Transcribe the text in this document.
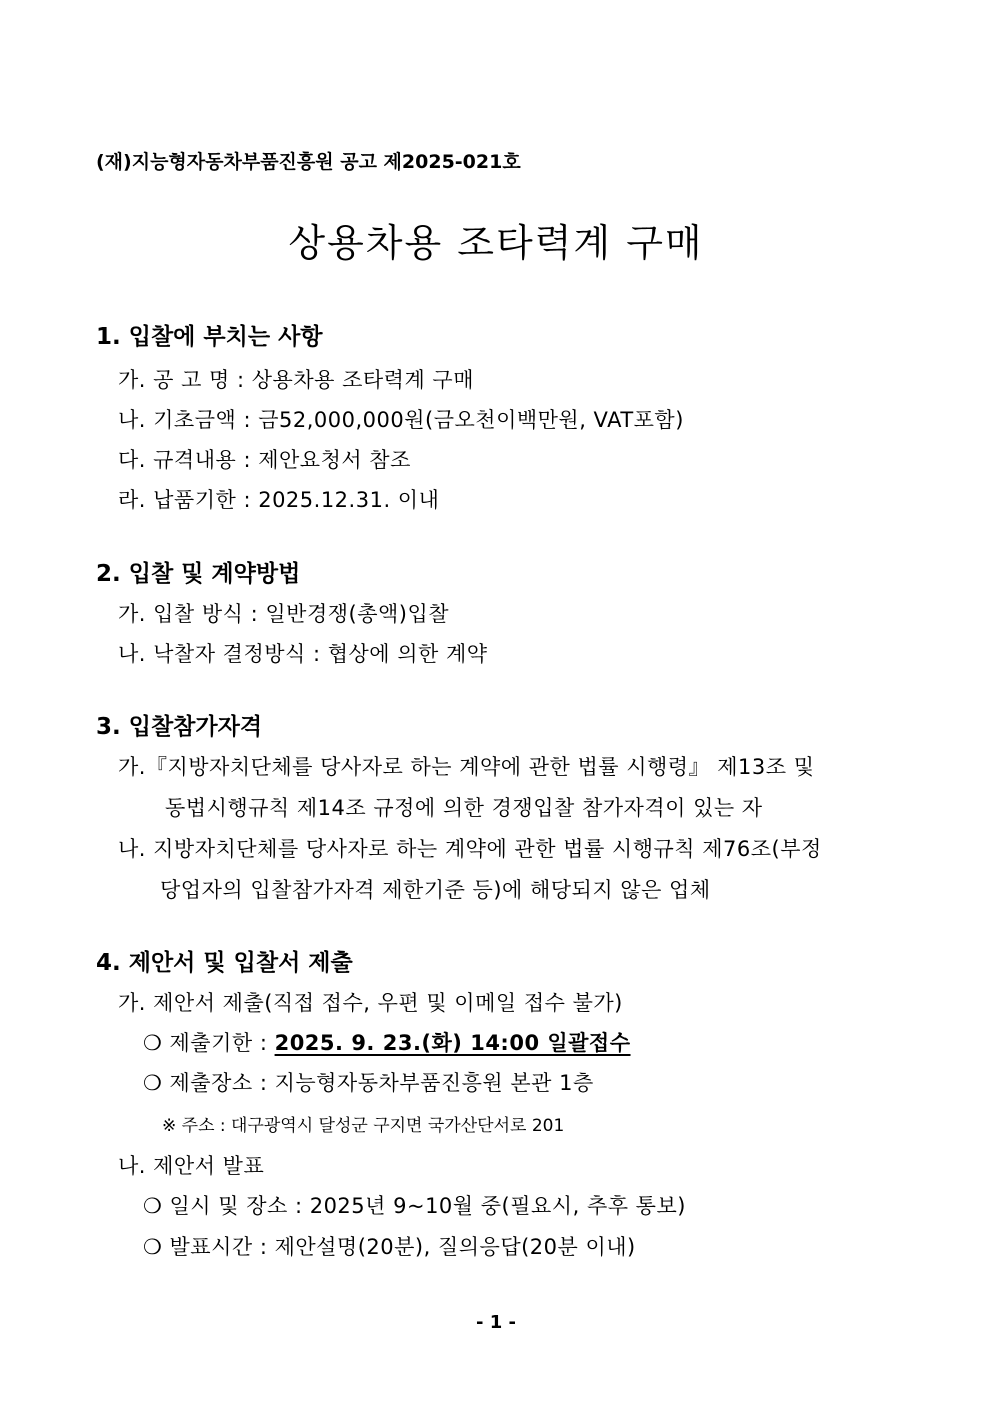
(재)지능형자동차부품진흥원 공고 제2025-021호
상용차용 조타력계 구매
1. 입찰에 부치는 사항
가. 공 고 명 : 상용차용 조타력계 구매
나. 기초금액 : 금52,000,000원(금오천이백만원, VAT포함)
다. 규격내용 : 제안요청서 참조
라. 납품기한 : 2025.12.31. 이내
2. 입찰 및 계약방법
가. 입찰 방식 : 일반경쟁(총액)입찰
나. 낙찰자 결정방식 : 협상에 의한 계약
3. 입찰참가자격
가.『지방자치단체를 당사자로 하는 계약에 관한 법률 시행령』 제13조 및
동법시행규칙 제14조 규정에 의한 경쟁입찰 참가자격이 있는 자
나. 지방자치단체를 당사자로 하는 계약에 관한 법률 시행규칙 제76조(부정
당업자의 입찰참가자격 제한기준 등)에 해당되지 않은 업체
4. 제안서 및 입찰서 제출
가. 제안서 제출(직접 접수, 우편 및 이메일 접수 불가)
❍ 제출기한 : 2025. 9. 23.(화) 14:00 일괄접수
❍ 제출장소 : 지능형자동차부품진흥원 본관 1층
※ 주소 : 대구광역시 달성군 구지면 국가산단서로 201
나. 제안서 발표
❍ 일시 및 장소 : 2025년 9~10월 중(필요시, 추후 통보)
❍ 발표시간 : 제안설명(20분), 질의응답(20분 이내)
- 1 -
